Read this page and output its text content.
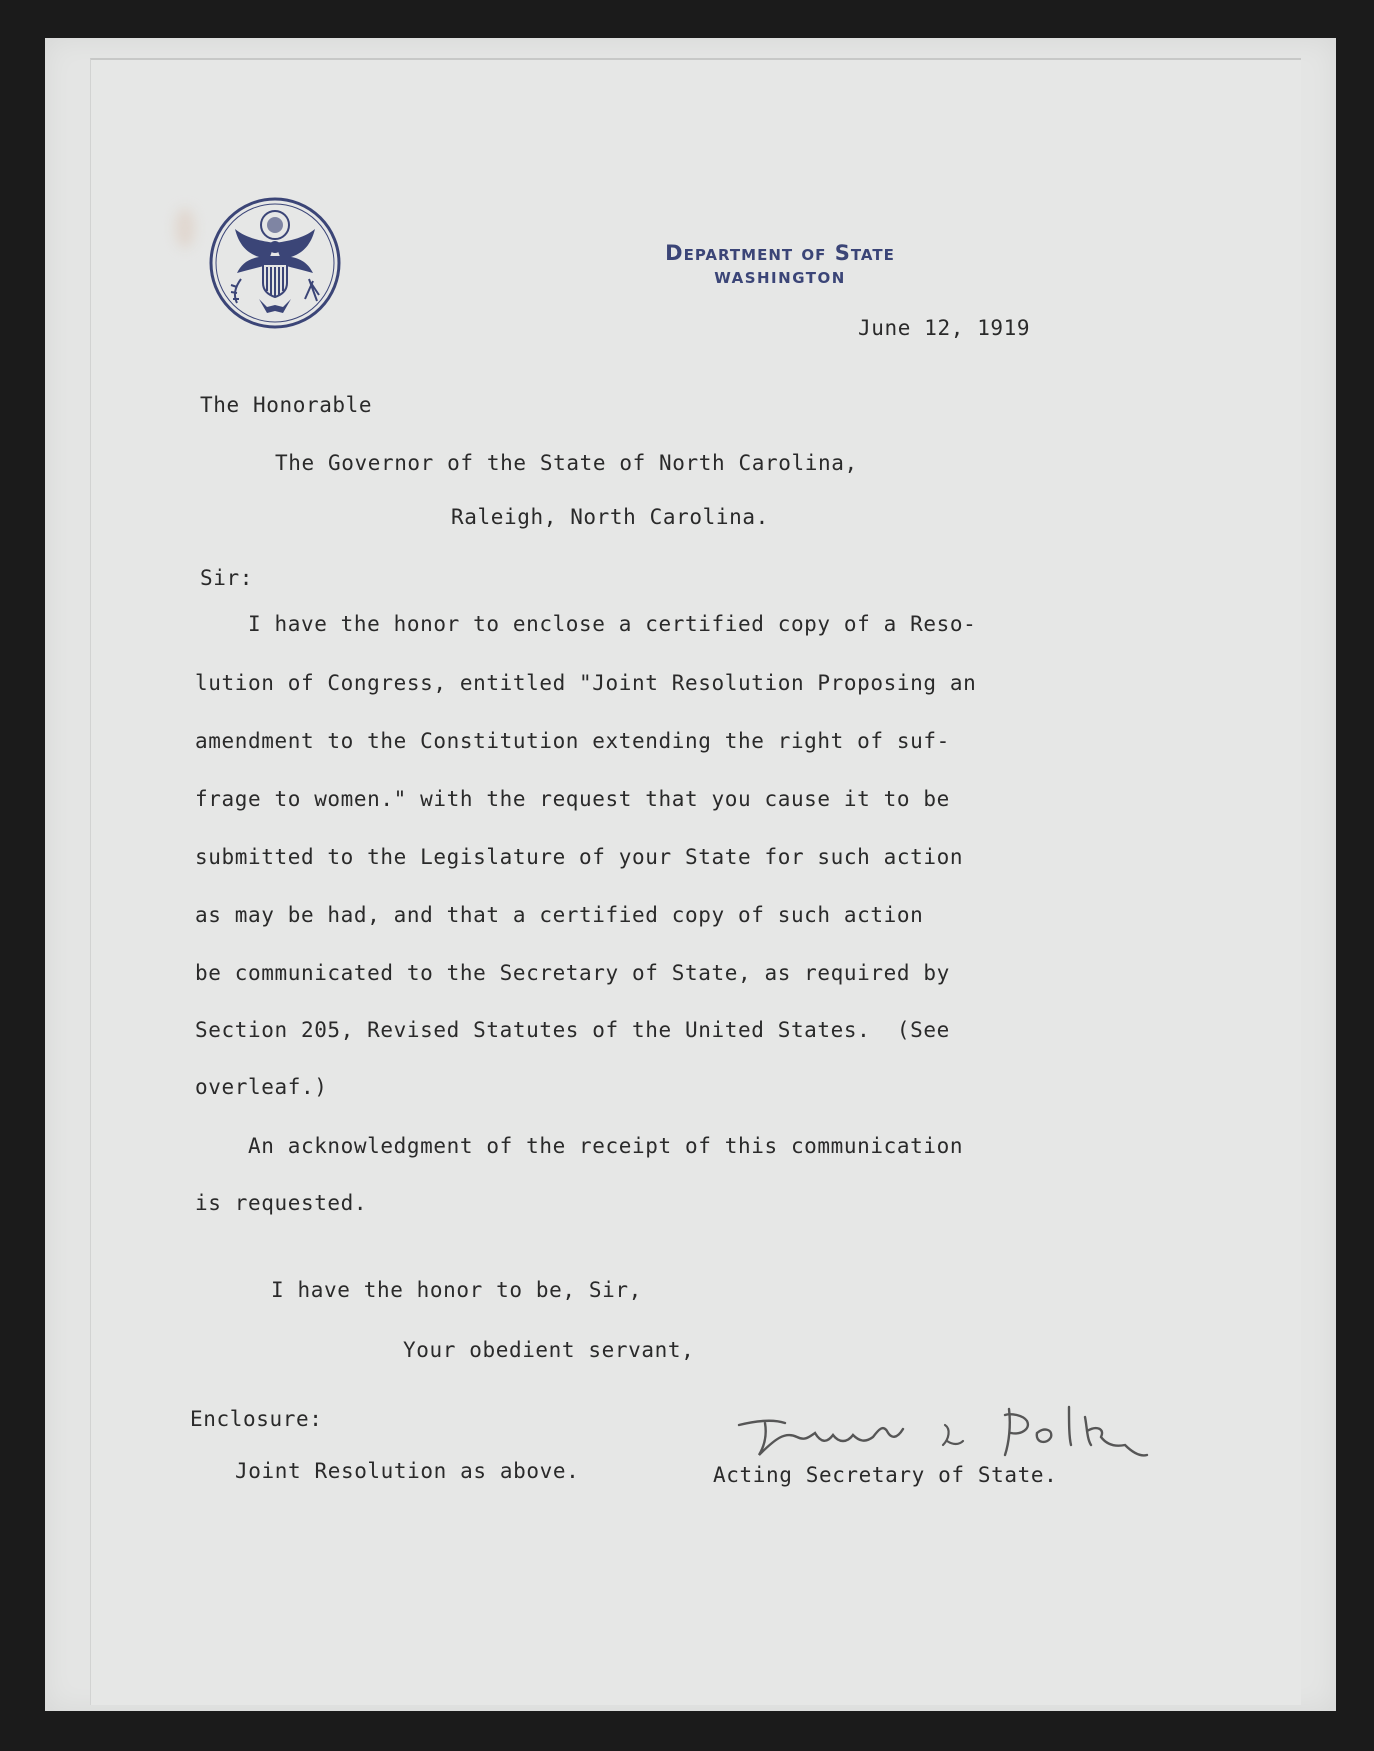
Department of State
WASHINGTON
June 12, 1919
The Honorable
The Governor of the State of North Carolina,
Raleigh, North Carolina.
Sir:
I have the honor to enclose a certified copy of a Reso-
lution of Congress, entitled "Joint Resolution Proposing an
amendment to the Constitution extending the right of suf-
frage to women." with the request that you cause it to be
submitted to the Legislature of your State for such action
as may be had, and that a certified copy of such action
be communicated to the Secretary of State, as required by
Section 205, Revised Statutes of the United States.  (See
overleaf.)
An acknowledgment of the receipt of this communication
is requested.
I have the honor to be, Sir,
Your obedient servant,
Enclosure:
Joint Resolution as above.	Acting Secretary of State.
